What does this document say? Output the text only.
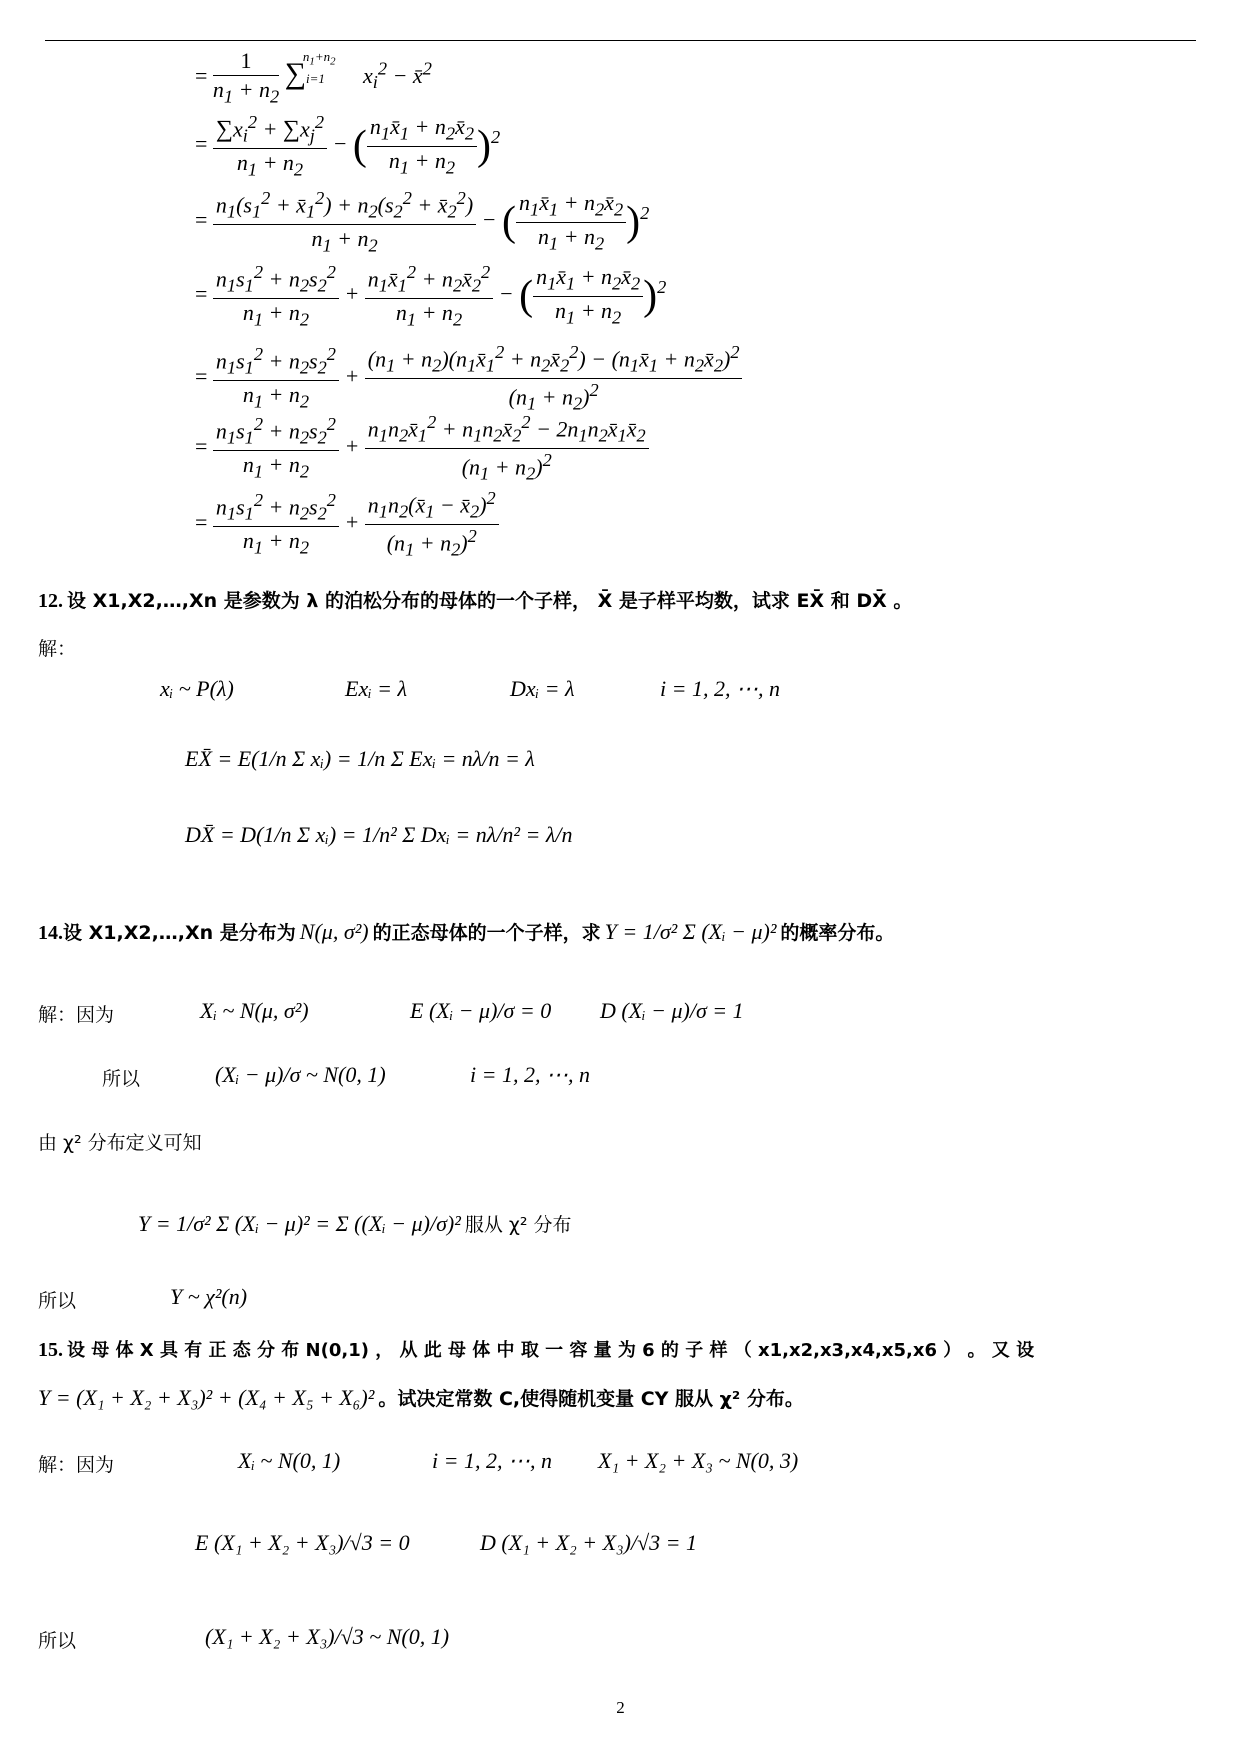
= $\frac{1}{n_1 + n_2} \sum i=1^{n_1+n_2}$ $x_i^2$ − x̄$^2$
= $\frac{\sum x_i^2 + \sum x_j^2}{n_1 + n_2}$ − ( $\frac{n_1x̄_1 + n_2x̄_2}{n_1 + n_2} )^2$
= $\frac{n_1(s_1^2 + x̄_1^2) + n_2(s_2^2 + x̄_2^2)}{n_1 + n_2}$ − ( $\frac{n_1x̄_1 + n_2x̄_2}{n_1 + n_2} )^2$
= $\frac{n_1s_1^2 + n_2s_2^2}{n_1 + n_2} + \frac{n_1x̄_1^2 + n_2x̄_2^2}{n_1 + n_2}$ − ( $\frac{n_1x̄_1 + n_2x̄_2}{n_1 + n_2} )^2$
= $\frac{n_1s_1^2 + n_2s_2^2}{n_1 + n_2} + \frac{(n_1 + n_2)(n_1x̄_1^2 + n_2x̄_2^2) - (n_1x̄_1 + n_2x̄_2)^2}{(n_1 + n_2)^2}$
= $\frac{n_1s_1^2 + n_2s_2^2}{n_1 + n_2} + \frac{n_1n_2x̄_1^2 + n_1n_2x̄_2^2 - 2n_1n_2x̄_1x̄_2}{(n_1 + n_2)^2}$
= $\frac{n_1s_1^2 + n_2s_2^2}{n_1 + n_2} + \frac{n_1n_2(x̄_1 - x̄_2)^2}{(n_1 + n_2)^2}$
12. 设 X1,X2,…,Xn 是参数为 λ 的泊松分布的母体的一个子样， X̄ 是子样平均数，试求 EX̄ 和 DX̄ 。
解：
xᵢ ~ P(λ)	Exᵢ = λ	Dxᵢ = λ	i = 1, 2, ⋯, n
EX̄ = E(1/n Σ xᵢ) = 1/n Σ Exᵢ = nλ/n = λ
DX̄ = D(1/n Σ xᵢ) = 1/n² Σ Dxᵢ = nλ/n² = λ/n
14.设 X1,X2,…,Xn 是分布为 N(μ, σ²) 的正态母体的一个子样，求 Y = 1/σ² Σ (Xᵢ − μ)² 的概率分布。
解：因为	Xᵢ ~ N(μ, σ²)	E (Xᵢ − μ)/σ = 0 D (Xᵢ − μ)/σ = 1
所以	(Xᵢ − μ)/σ ~ N(0, 1)	i = 1, 2, ⋯, n
由 χ² 分布定义可知
Y = 1/σ² Σ (Xᵢ − μ)² = Σ ((Xᵢ − μ)/σ)² 服从 χ² 分布
所以	Y ~ χ²(n)
15. 设 母 体 X 具 有 正 态 分 布 N(0,1) ， 从 此 母 体 中 取 一 容 量 为 6 的 子 样 （ x1,x2,x3,x4,x5,x6 ） 。 又 设
Y = (X₁ + X₂ + X₃)² + (X₄ + X₅ + X₆)² 。试决定常数 C,使得随机变量 CY 服从 χ² 分布。
解：因为	Xᵢ ~ N(0, 1)	i = 1, 2, ⋯, n X₁ + X₂ + X₃ ~ N(0, 3)
E (X₁ + X₂ + X₃)/√3 = 0	D (X₁ + X₂ + X₃)/√3 = 1
所以	(X₁ + X₂ + X₃)/√3 ~ N(0, 1)
2
